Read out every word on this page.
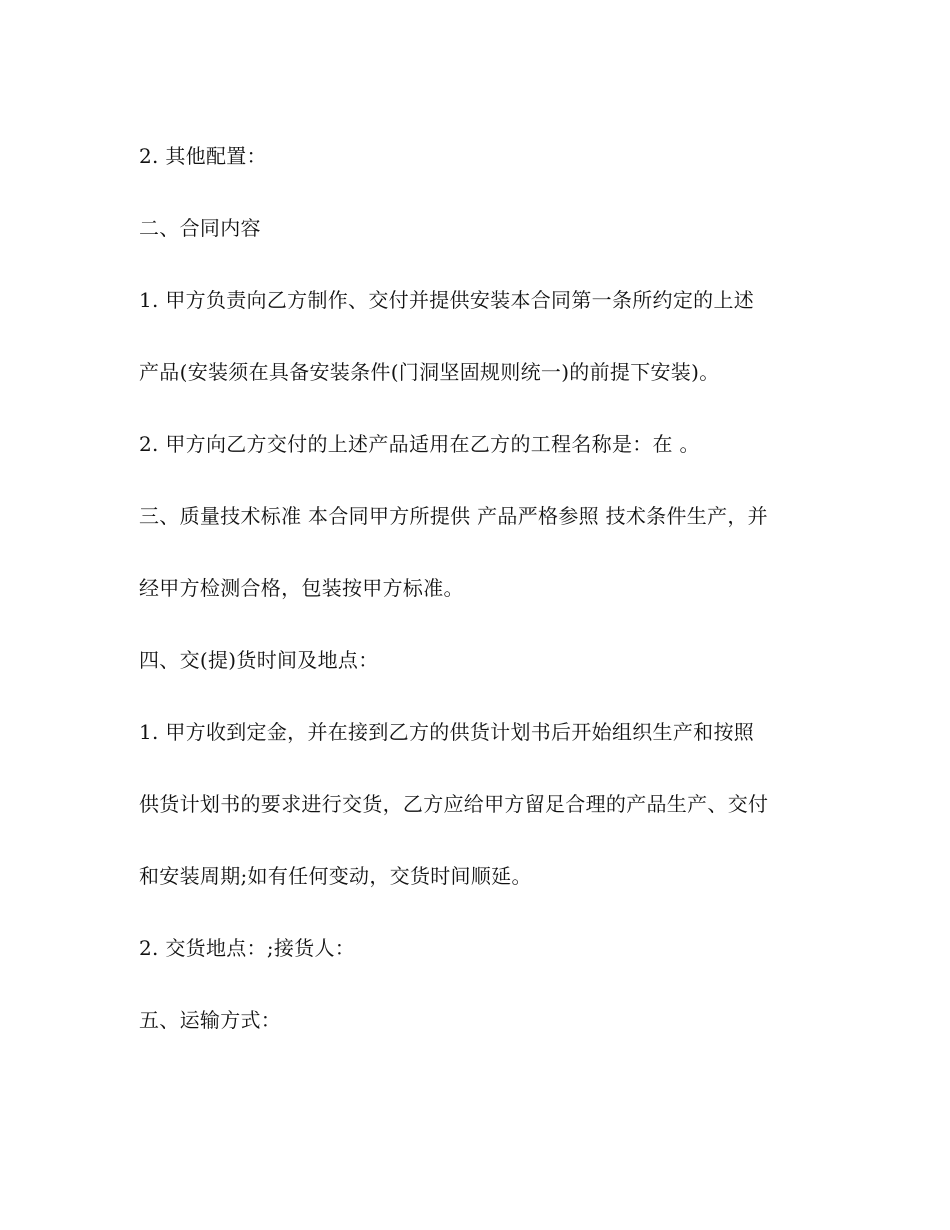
2. 其他配置：
二、合同内容
1. 甲方负责向乙方制作、交付并提供安装本合同第一条所约定的上述
产品(安装须在具备安装条件(门洞坚固规则统一)的前提下安装)。
2. 甲方向乙方交付的上述产品适用在乙方的工程名称是：在 。
三、质量技术标准 本合同甲方所提供 产品严格参照 技术条件生产，并
经甲方检测合格，包装按甲方标准。
四、交(提)货时间及地点：
1. 甲方收到定金，并在接到乙方的供货计划书后开始组织生产和按照
供货计划书的要求进行交货，乙方应给甲方留足合理的产品生产、交付
和安装周期;如有任何变动，交货时间顺延。
2. 交货地点：;接货人：
五、运输方式：
